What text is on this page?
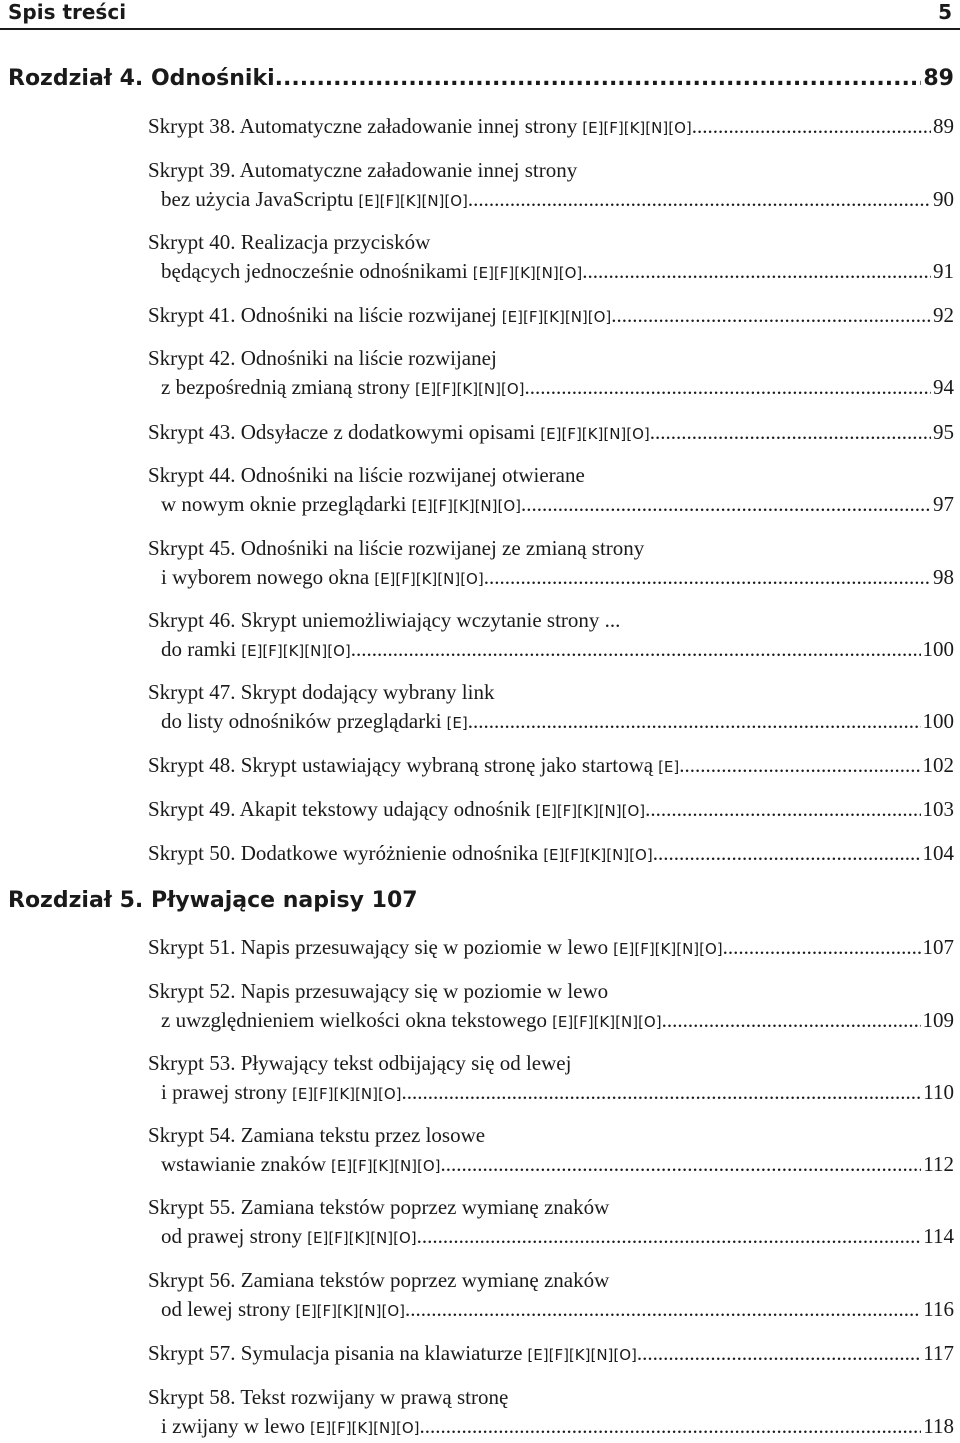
Spis treści	5
Rozdział 4. Odnośniki .....	89
Skrypt 38. Automatyczne załadowanie innej strony [E][F][K][N][O] .....	89
Skrypt 39. Automatyczne załadowanie innej strony
bez użycia JavaScriptu [E][F][K][N][O] .....	90
Skrypt 40. Realizacja przycisków
będących jednocześnie odnośnikami [E][F][K][N][O] .....	91
Skrypt 41. Odnośniki na liście rozwijanej [E][F][K][N][O] .....	92
Skrypt 42. Odnośniki na liście rozwijanej
z bezpośrednią zmianą strony [E][F][K][N][O] .....	94
Skrypt 43. Odsyłacze z dodatkowymi opisami [E][F][K][N][O] .....	95
Skrypt 44. Odnośniki na liście rozwijanej otwierane
w nowym oknie przeglądarki [E][F][K][N][O] .....	97
Skrypt 45. Odnośniki na liście rozwijanej ze zmianą strony
i wyborem nowego okna [E][F][K][N][O] .....	98
Skrypt 46. Skrypt uniemożliwiający wczytanie strony ...
do ramki [E][F][K][N][O] .....	100
Skrypt 47. Skrypt dodający wybrany link
do listy odnośników przeglądarki [E] .....	100
Skrypt 48. Skrypt ustawiający wybraną stronę jako startową [E] .....	102
Skrypt 49. Akapit tekstowy udający odnośnik [E][F][K][N][O] .....	103
Skrypt 50. Dodatkowe wyróżnienie odnośnika [E][F][K][N][O] .....	104
Rozdział 5. Pływające napisy 107
Skrypt 51. Napis przesuwający się w poziomie w lewo [E][F][K][N][O] .....	107
Skrypt 52. Napis przesuwający się w poziomie w lewo
z uwzględnieniem wielkości okna tekstowego [E][F][K][N][O] .....	109
Skrypt 53. Pływający tekst odbijający się od lewej
i prawej strony [E][F][K][N][O] .....	110
Skrypt 54. Zamiana tekstu przez losowe
wstawianie znaków [E][F][K][N][O] .....	112
Skrypt 55. Zamiana tekstów poprzez wymianę znaków
od prawej strony [E][F][K][N][O] .....	114
Skrypt 56. Zamiana tekstów poprzez wymianę znaków
od lewej strony [E][F][K][N][O] .....	116
Skrypt 57. Symulacja pisania na klawiaturze [E][F][K][N][O] .....	117
Skrypt 58. Tekst rozwijany w prawą stronę
i zwijany w lewo [E][F][K][N][O] .....	118
